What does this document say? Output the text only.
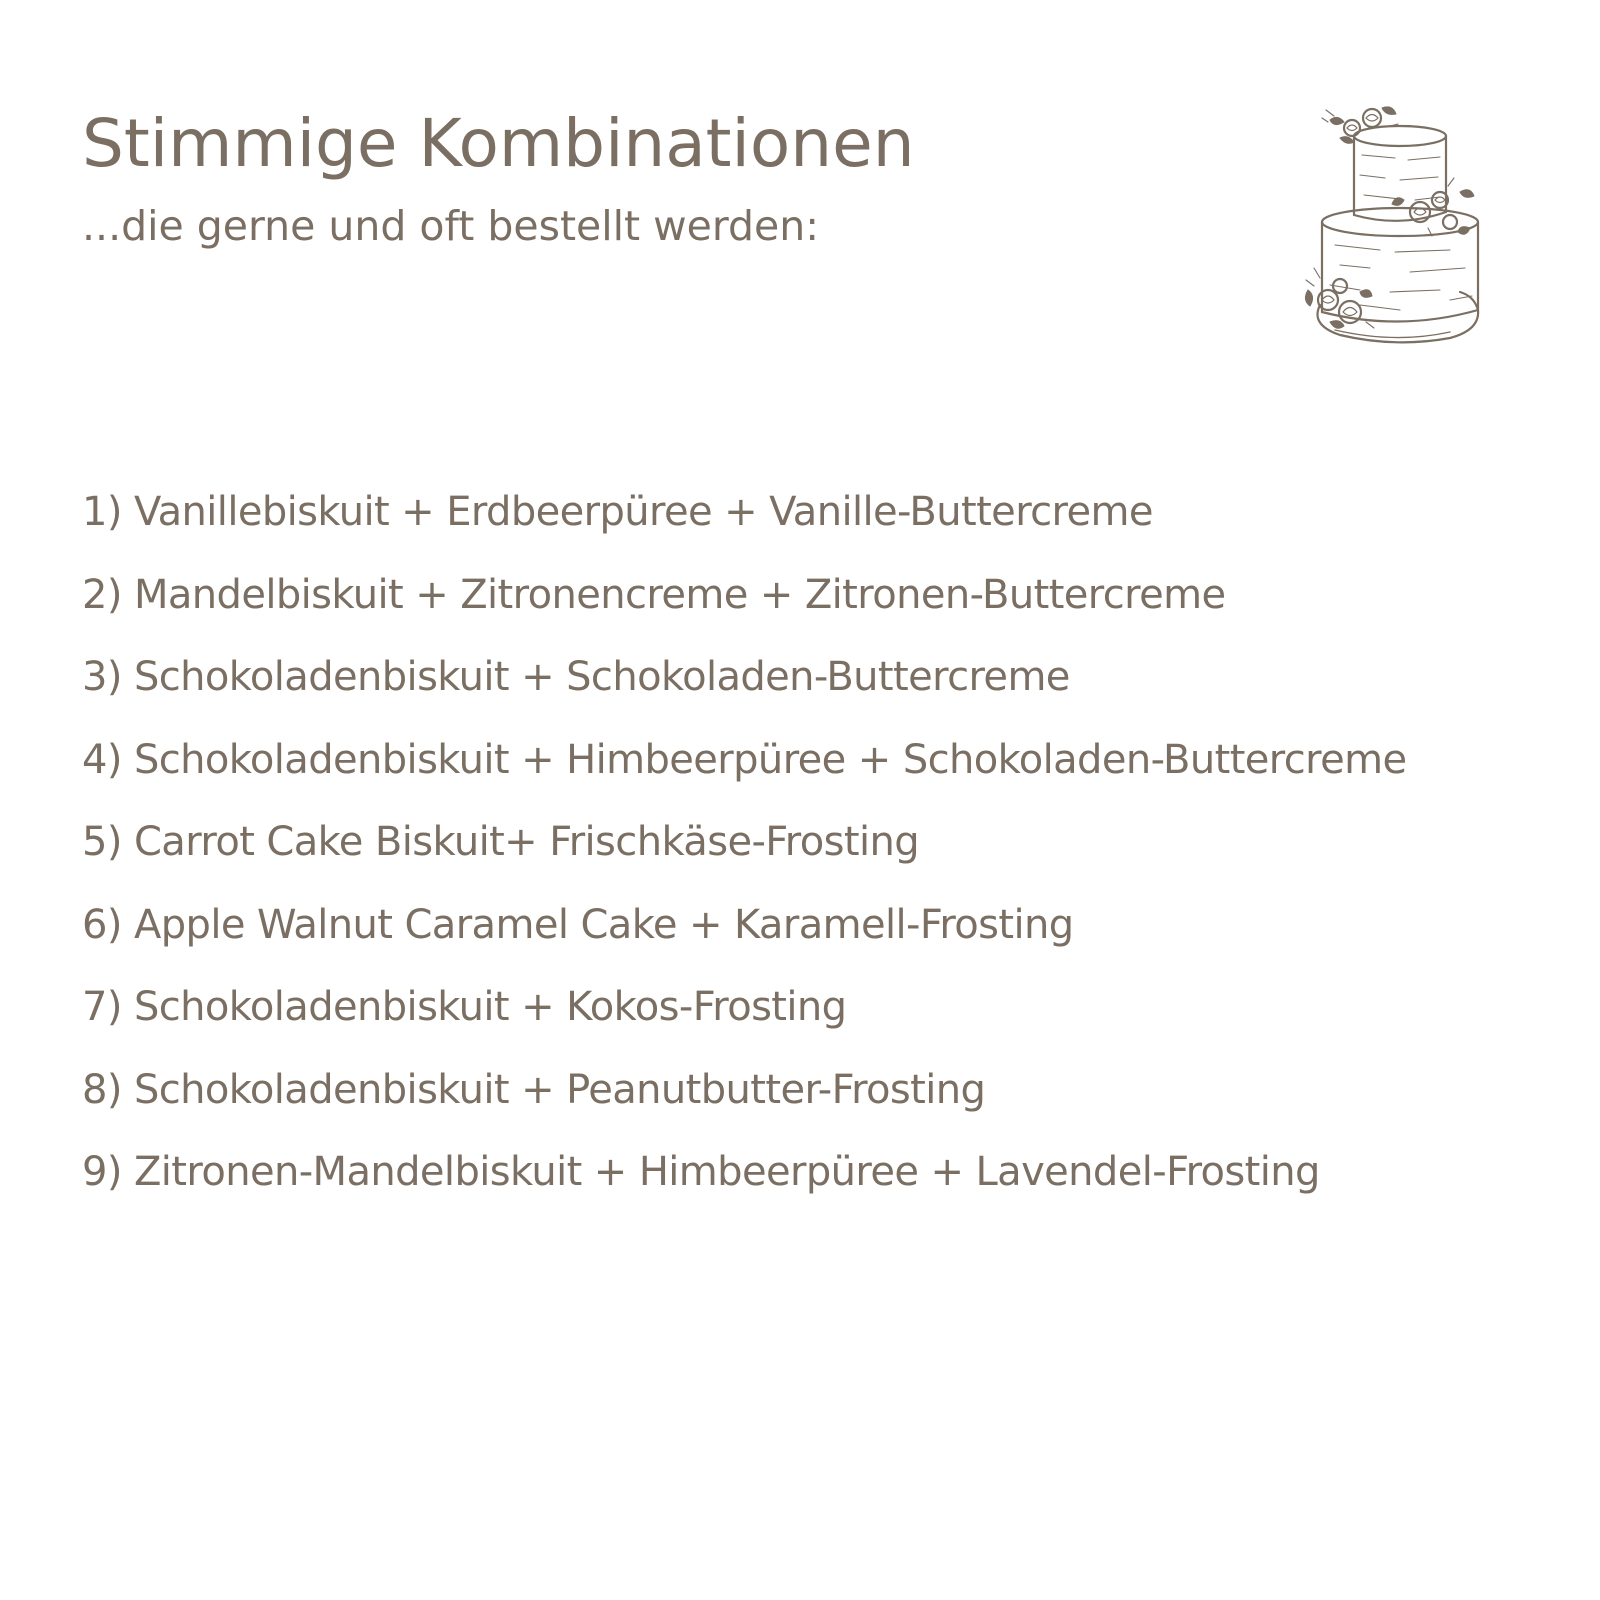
Stimmige Kombinationen

...die gerne und oft bestellt werden:

1) Vanillebiskuit + Erdbeerpüree + Vanille-Buttercreme
2) Mandelbiskuit + Zitronencreme + Zitronen-Buttercreme
3) Schokoladenbiskuit + Schokoladen-Buttercreme
4) Schokoladenbiskuit + Himbeerpüree + Schokoladen-Buttercreme
5) Carrot Cake Biskuit+ Frischkäse-Frosting
6) Apple Walnut Caramel Cake + Karamell-Frosting
7) Schokoladenbiskuit + Kokos-Frosting
8) Schokoladenbiskuit + Peanutbutter-Frosting
9) Zitronen-Mandelbiskuit + Himbeerpüree + Lavendel-Frosting
